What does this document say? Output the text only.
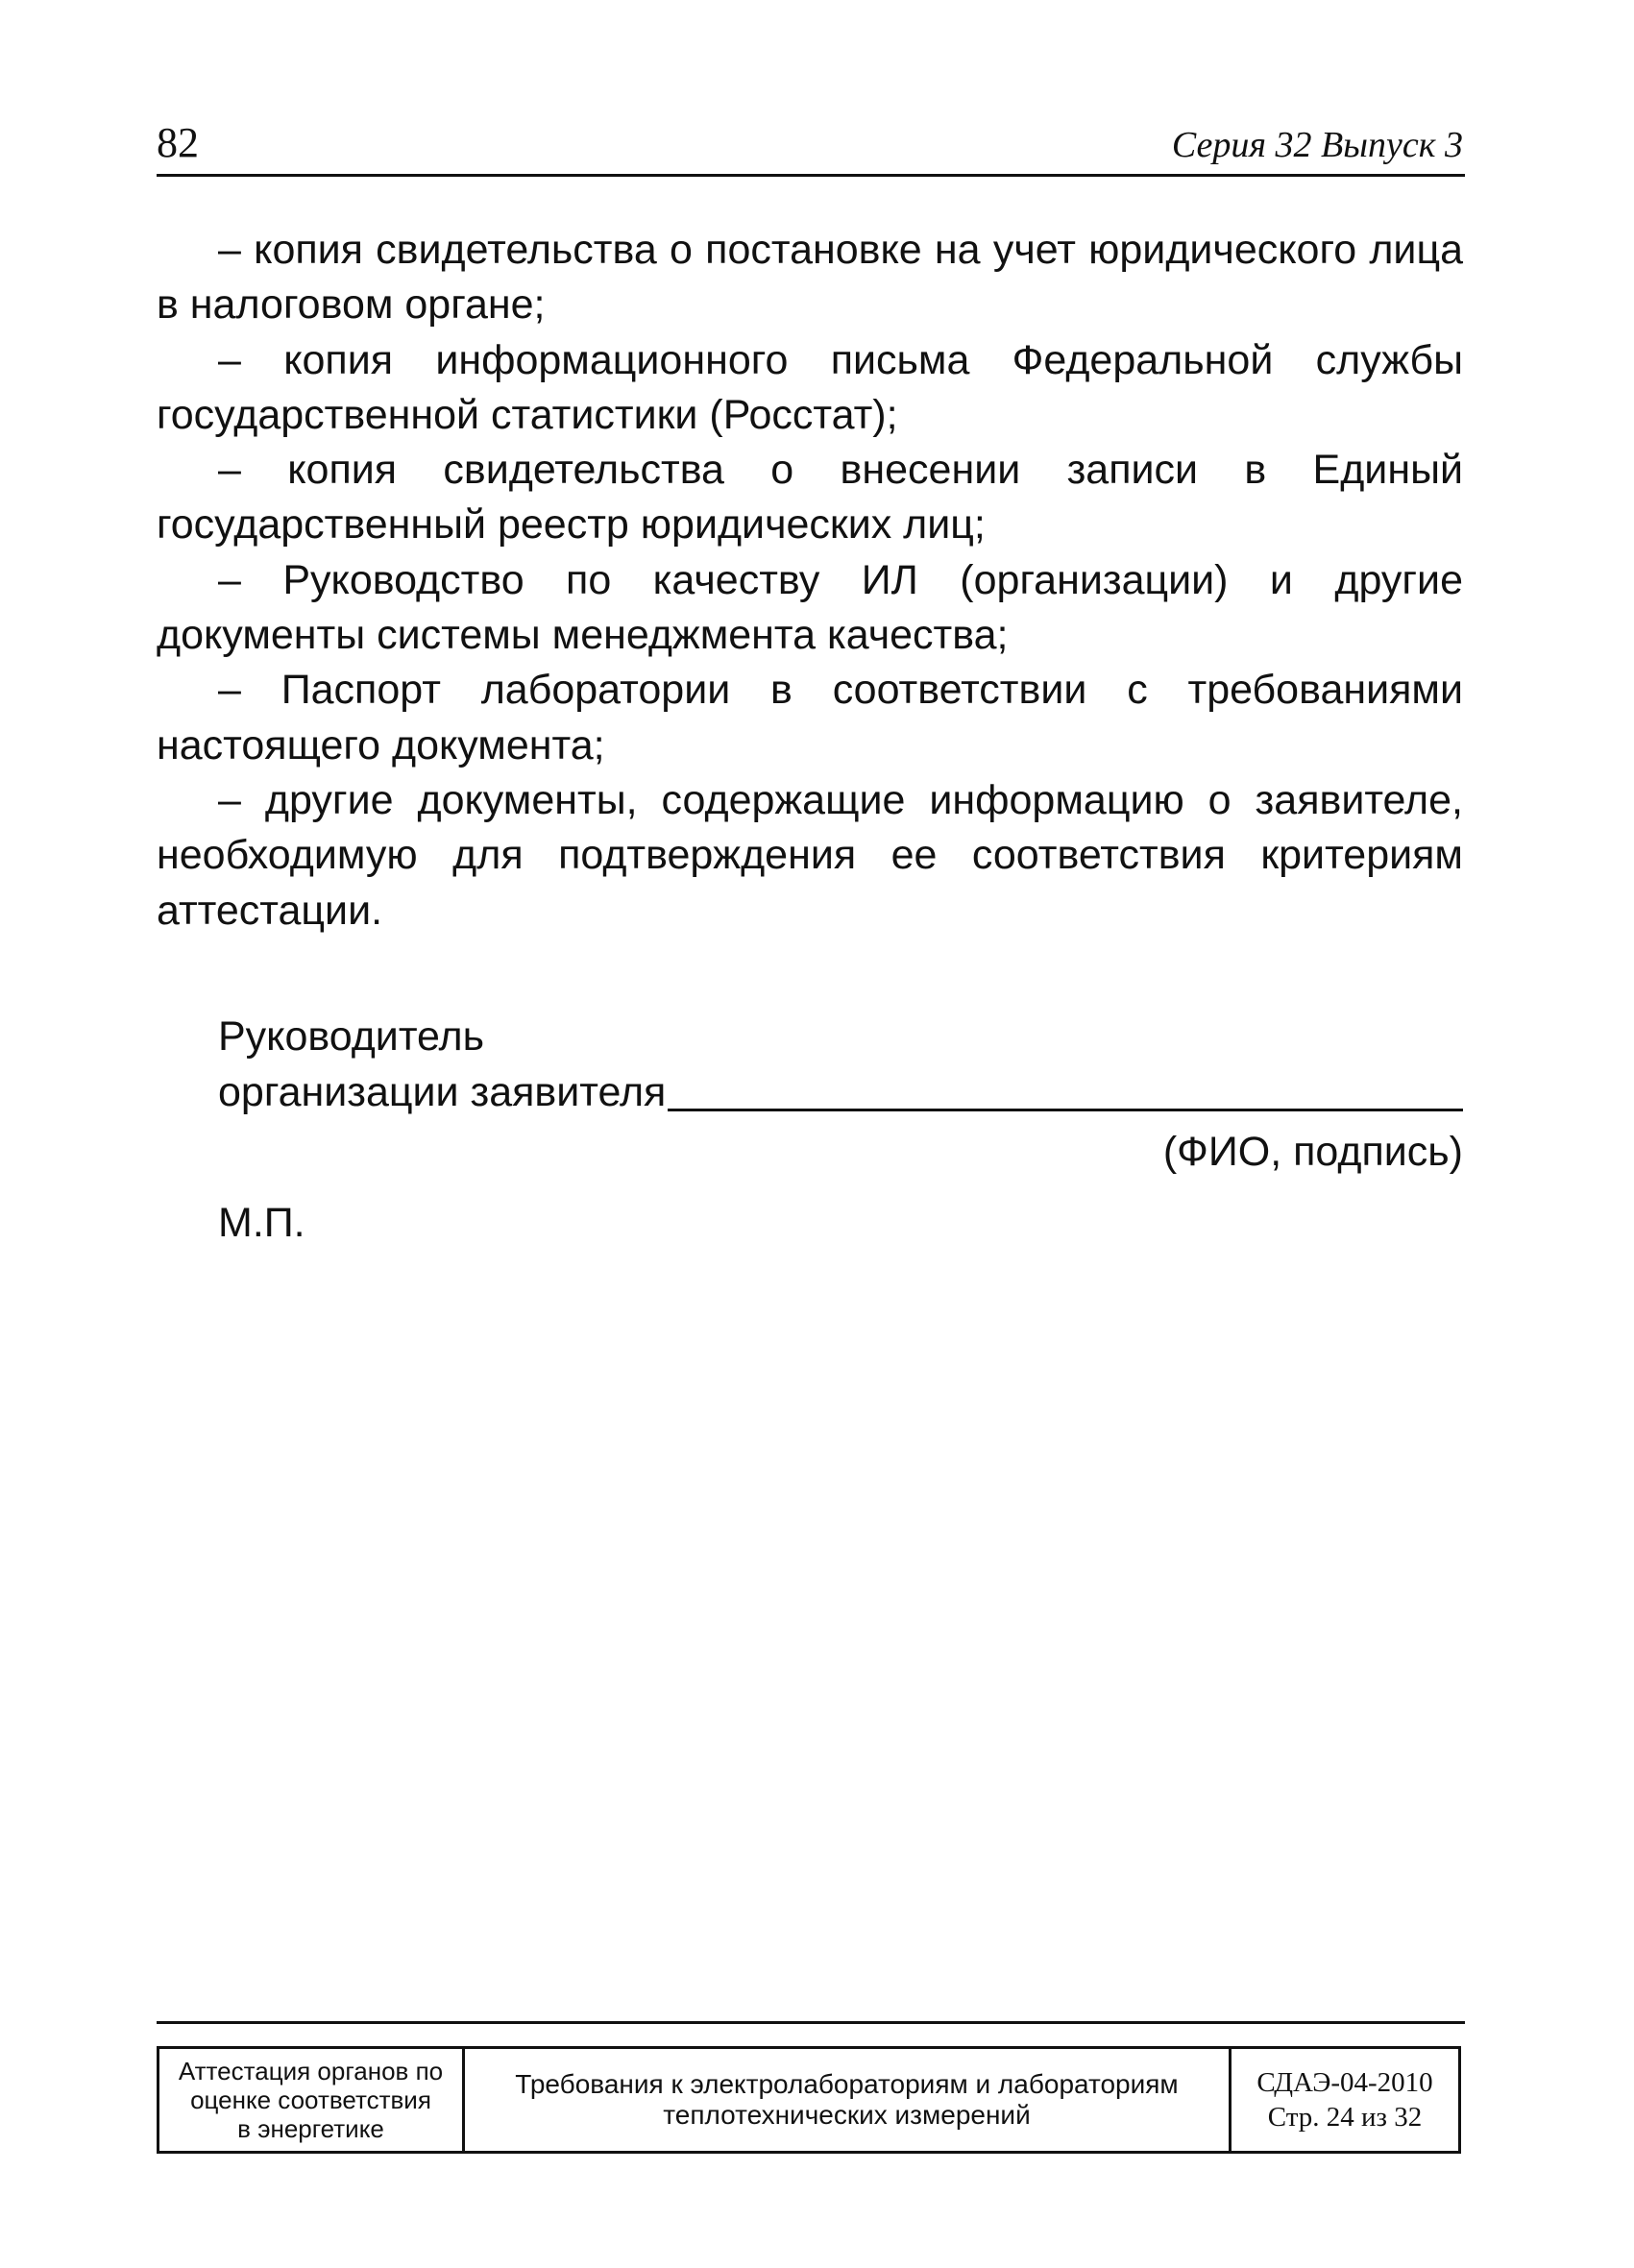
82	Серия 32 Выпуск 3

– копия свидетельства о постановке на учет юридического лица в налоговом органе;

– копия информационного письма Федеральной службы государственной статистики (Росстат);

– копия свидетельства о внесении записи в Единый государственный реестр юридических лиц;

– Руководство по качеству ИЛ (организации) и другие документы системы менеджмента качества;

– Паспорт лаборатории в соответствии с требованиями настоящего документа;

– другие документы, содержащие информацию о заявителе, необходимую для подтверждения ее соответствия критериям аттестации.

Руководитель
организации заявителя
(ФИО, подпись)
М.П.
Аттестация органов по
оценке соответствия
в энергетике
Требования к электролабораториям и лабораториям
теплотехнических измерений
СДАЭ-04-2010
Стр. 24 из 32
